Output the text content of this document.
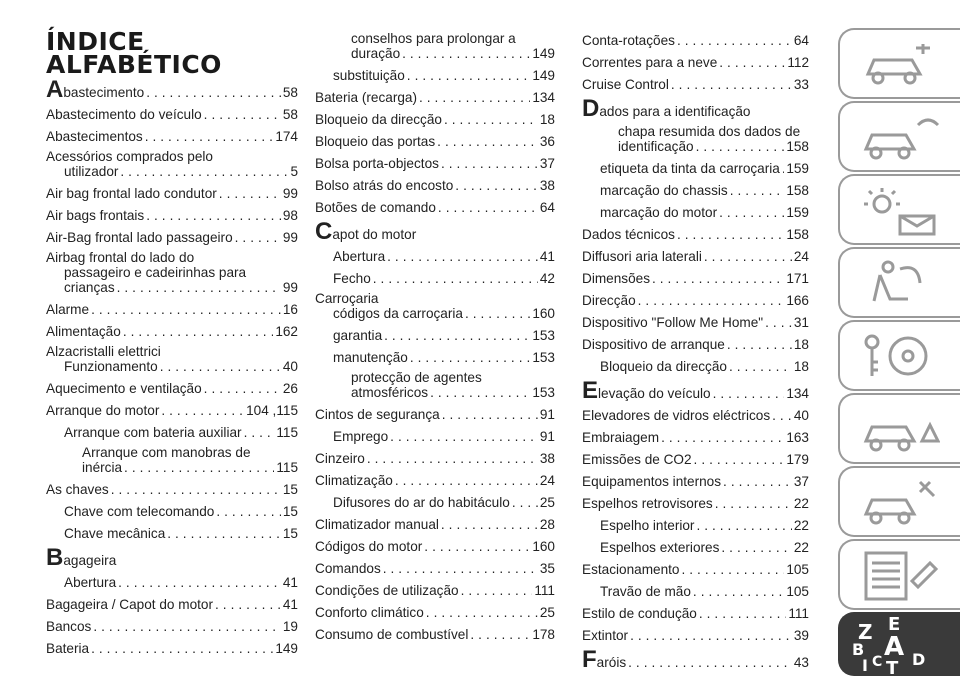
ÍNDICE
ALFABÉTICO
A bastecimento .....	58
Abastecimento do veículo .....	58
Abastecimentos .....	174
Acessórios comprados pelo
utilizador .....	5
Air bag frontal lado condutor .....	99
Air bags frontais .....	98
Air-Bag frontal lado passageiro .....	99
Airbag frontal do lado do
passageiro e cadeirinhas para
crianças .....	99
Alarme .....	16
Alimentação .....	162
Alzacristalli elettrici
Funzionamento .....	40
Aquecimento e ventilação .....	26
Arranque do motor .....	104 ,115
Arranque com bateria auxiliar .....	115
Arranque com manobras de
inércia .....	115
As chaves .....	15
Chave com telecomando .....	15
Chave mecânica .....	15
B agageira
Abertura .....	41
Bagageira / Capot do motor .....	41
Bancos .....	19
Bateria .....	149
conselhos para prolongar a
duração .....	149
substituição .....	149
Bateria (recarga) .....	134
Bloqueio da direcção .....	18
Bloqueio das portas .....	36
Bolsa porta-objectos .....	37
Bolso atrás do encosto .....	38
Botões de comando .....	64
C apot do motor
Abertura .....	41
Fecho .....	42
Carroçaria
códigos da carroçaria .....	160
garantia .....	153
manutenção .....	153
protecção de agentes
atmosféricos .....	153
Cintos de segurança .....	91
Emprego .....	91
Cinzeiro .....	38
Climatização .....	24
Difusores do ar do habitáculo ..... 25
Climatizador manual .....	28
Códigos do motor .....	160
Comandos .....	35
Condições de utilização .....	111
Conforto climático .....	25
Consumo de combustível .....	178
Conta-rotações .....	64
Correntes para a neve .....	112
Cruise Control .....	33
D ados para a identificação
chapa resumida dos dados de
identificação .....	158
etiqueta da tinta da carroçaria ..... 159
marcação do chassis .....	158
marcação do motor .....	159
Dados técnicos .....	158
Diffusori aria laterali .....	24
Dimensões .....	171
Direcção .....	166
Dispositivo "Follow Me Home" ..... 31
Dispositivo de arranque .....	18
Bloqueio da direcção .....	18
E levação do veículo .....	134
Elevadores de vidros eléctricos ..... 40
Embraiagem .....	163
Emissões de CO2 .....	179
Equipamentos internos .....	37
Espelhos retrovisores .....	22
Espelho interior .....	22
Espelhos exteriores .....	22
Estacionamento .....	105
Travão de mão .....	105
Estilo de condução .....	111
Extintor .....	39
F aróis .....	43
Z E
B A
I C D
T
